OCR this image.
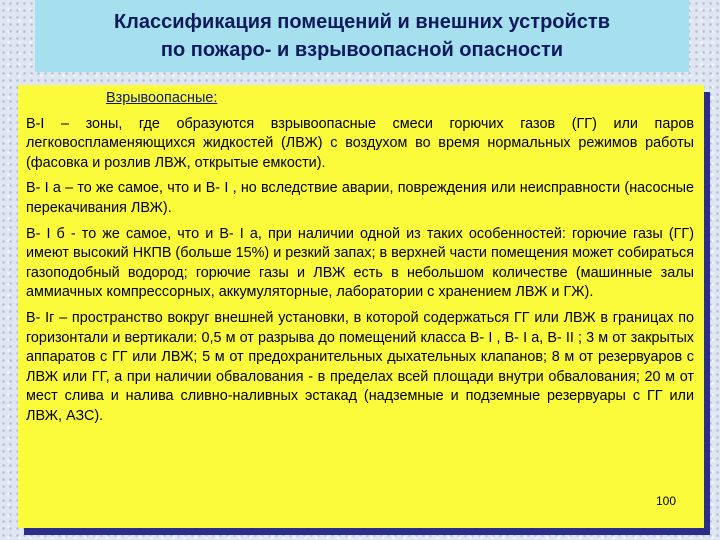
Классификация помещений и внешних устройств
по пожаро- и взрывоопасной опасности

Взрывоопасные:

В-I – зоны, где образуются взрывоопасные смеси горючих газов (ГГ) или паров легковоспламеняющихся жидкостей (ЛВЖ) с воздухом во время нормальных режимов работы (фасовка и розлив ЛВЖ, открытые емкости).

В- I а – то же самое, что и В- I , но вследствие аварии, повреждения или неисправности (насосные перекачивания ЛВЖ).

В- I б - то же самое, что и В- I а, при наличии одной из таких особенностей: горючие газы (ГГ) имеют высокий НКПВ (больше 15%) и резкий запах; в верхней части помещения может собираться газоподобный водород; горючие газы и ЛВЖ есть в небольшом количестве (машинные залы аммиачных компрессорных, аккумуляторные, лаборатории с хранением ЛВЖ и ГЖ).

В- Iг – пространство вокруг внешней установки, в которой содержаться ГГ или ЛВЖ в границах по горизонтали и вертикали: 0,5 м от разрыва до помещений класса В- I , В- I а, В- II ; 3 м от закрытых аппаратов с ГГ или ЛВЖ; 5 м от предохранительных дыхательных клапанов; 8 м от резервуаров с ЛВЖ или ГГ, а при наличии обвалования - в пределах всей площади внутри обвалования; 20 м от мест слива и налива сливно-наливных эстакад (надземные и подземные резервуары с ГГ или ЛВЖ, АЗС).

100
